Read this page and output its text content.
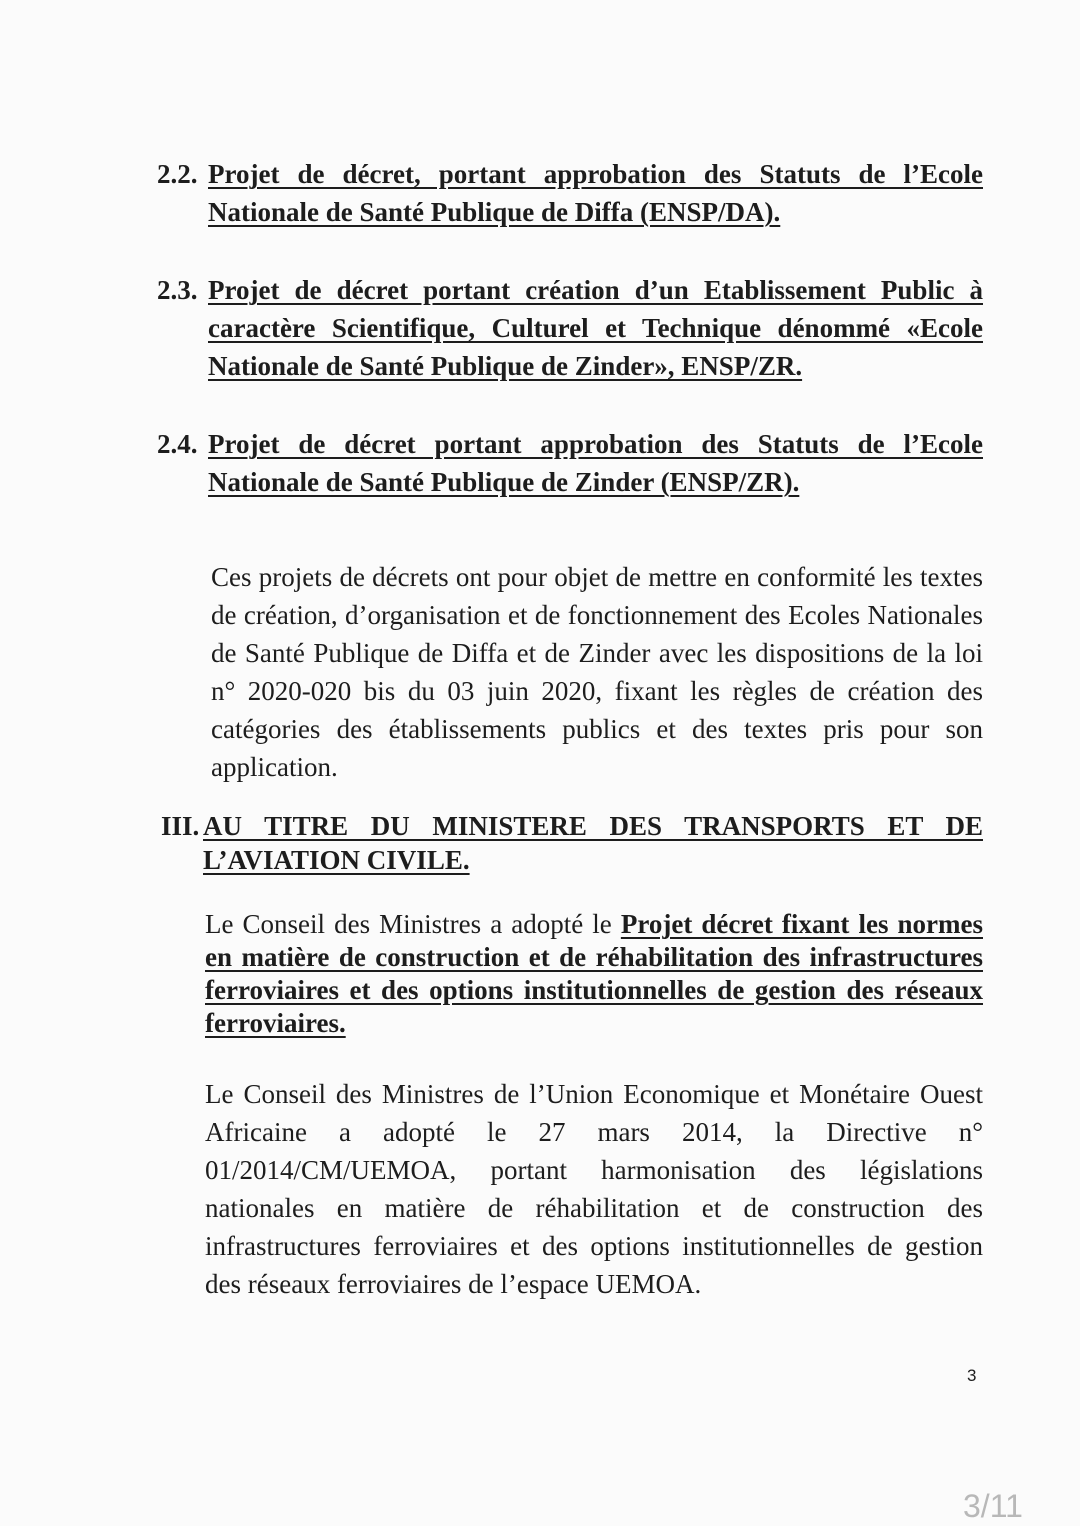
2.2. Projet de décret, portant approbation des Statuts de l’Ecole Nationale de Santé Publique de Diffa (ENSP/DA).
2.3. Projet de décret portant création d’un Etablissement Public à caractère Scientifique, Culturel et Technique dénommé «Ecole Nationale de Santé Publique de Zinder», ENSP/ZR.
2.4. Projet de décret portant approbation des Statuts de l’Ecole Nationale de Santé Publique de Zinder (ENSP/ZR).
Ces projets de décrets ont pour objet de mettre en conformité les textes de création, d’organisation et de fonctionnement des Ecoles Nationales de Santé Publique de Diffa et de Zinder avec les dispositions de la loi n° 2020-020 bis du 03 juin 2020, fixant les règles de création des catégories des établissements publics et des textes pris pour son application.
III. AU TITRE DU MINISTERE DES TRANSPORTS ET DE L’AVIATION CIVILE.
Le Conseil des Ministres a adopté le Projet décret fixant les normes en matière de construction et de réhabilitation des infrastructures ferroviaires et des options institutionnelles de gestion des réseaux ferroviaires.
Le Conseil des Ministres de l’Union Economique et Monétaire Ouest Africaine a adopté le 27 mars 2014, la Directive n° 01/2014/CM/UEMOA, portant harmonisation des législations nationales en matière de réhabilitation et de construction des infrastructures ferroviaires et des options institutionnelles de gestion des réseaux ferroviaires de l’espace UEMOA.
3
3/11
